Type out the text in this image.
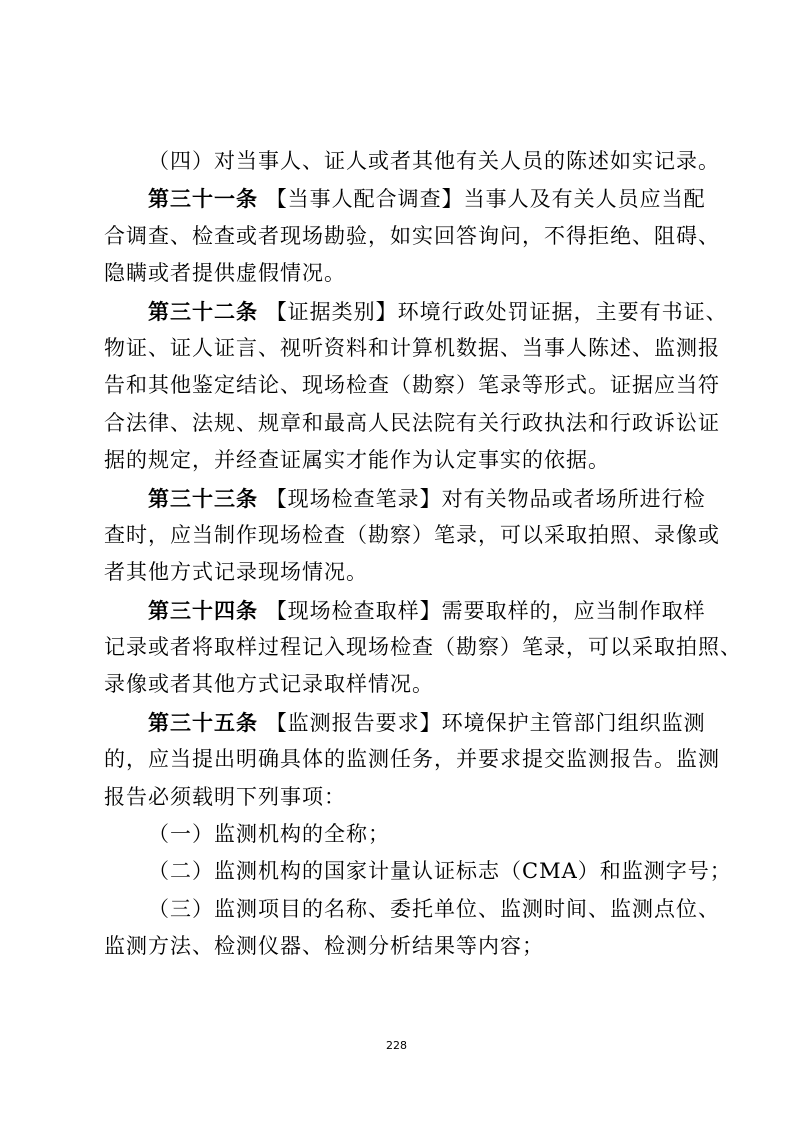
（四）对当事人、证人或者其他有关人员的陈述如实记录。
第三十一条 【当事人配合调查】当事人及有关人员应当配
合调查、检查或者现场勘验，如实回答询问，不得拒绝、阻碍、
隐瞒或者提供虚假情况。
第三十二条 【证据类别】环境行政处罚证据，主要有书证、
物证、证人证言、视听资料和计算机数据、当事人陈述、监测报
告和其他鉴定结论、现场检查（勘察）笔录等形式。证据应当符
合法律、法规、规章和最高人民法院有关行政执法和行政诉讼证
据的规定，并经查证属实才能作为认定事实的依据。
第三十三条 【现场检查笔录】对有关物品或者场所进行检
查时，应当制作现场检查（勘察）笔录，可以采取拍照、录像或
者其他方式记录现场情况。
第三十四条 【现场检查取样】需要取样的，应当制作取样
记录或者将取样过程记入现场检查（勘察）笔录，可以采取拍照、
录像或者其他方式记录取样情况。
第三十五条 【监测报告要求】环境保护主管部门组织监测
的，应当提出明确具体的监测任务，并要求提交监测报告。监测
报告必须载明下列事项：
（一）监测机构的全称；
（二）监测机构的国家计量认证标志（CMA）和监测字号；
（三）监测项目的名称、委托单位、监测时间、监测点位、
监测方法、检测仪器、检测分析结果等内容；
228
